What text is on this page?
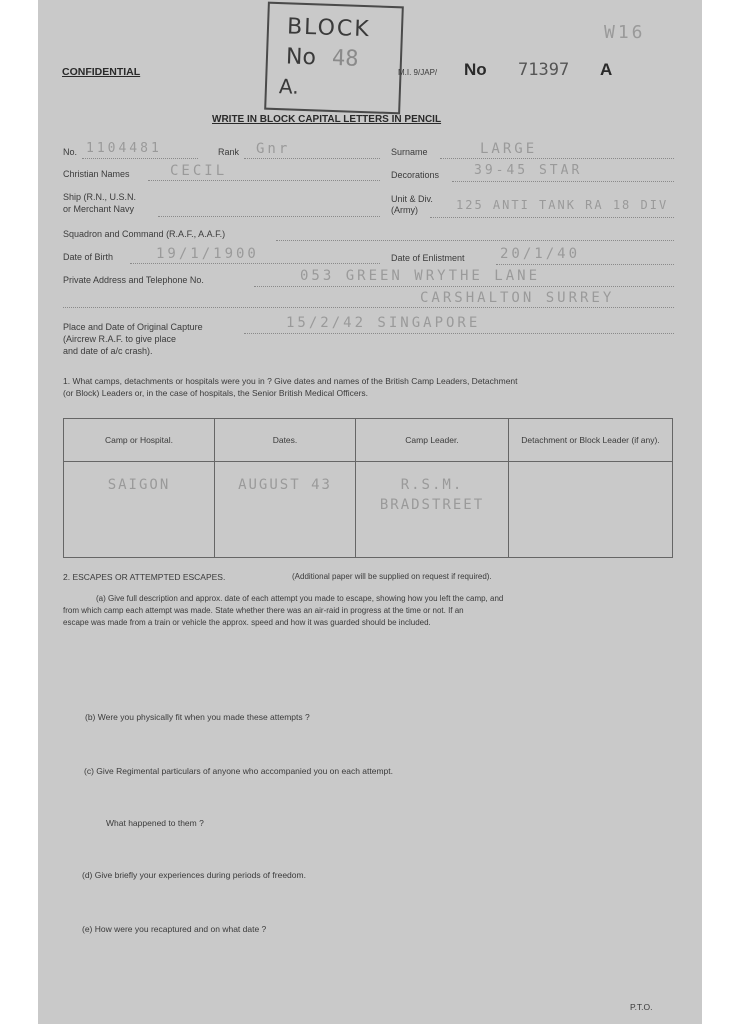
BLOCK
No 48
A.
W16
CONFIDENTIAL	M.I. 9/JAP/ No 71397 A
WRITE IN BLOCK CAPITAL LETTERS IN PENCIL
No. 1104481	Rank Gnr	Surname	LARGE
Christian Names	CECIL	Decorations	39-45 STAR
Ship (R.N., U.S.N.
or Merchant Navy
Unit & Div.
(Army)	125 ANTI TANK RA 18 DIV
Squadron and Command (R.A.F., A.A.F.)
Date of Birth	19/1/1900	Date of Enlistment	20/1/40
Private Address and Telephone No.	053 GREEN WRYTHE LANE
CARSHALTON SURREY
Place and Date of Original Capture
(Aircrew R.A.F. to give place
and date of a/c crash).
15/2/42 SINGAPORE
1. What camps, detachments or hospitals were you in ? Give dates and names of the British Camp Leaders, Detachment
(or Block) Leaders or, in the case of hospitals, the Senior British Medical Officers.
Camp or Hospital.	Dates.	Camp Leader.	Detachment or Block Leader (if any).

SAIGON	AUGUST 43	R.S.M. BRADSTREET	

2. ESCAPES OR ATTEMPTED ESCAPES.	(Additional paper will be supplied on request if required).
(a) Give full description and approx. date of each attempt you made to escape, showing how you left the camp, and
from which camp each attempt was made. State whether there was an air-raid in progress at the time or not. If an
escape was made from a train or vehicle the approx. speed and how it was guarded should be included.
(b) Were you physically fit when you made these attempts ?
(c) Give Regimental particulars of anyone who accompanied you on each attempt.
What happened to them ?
(d) Give briefly your experiences during periods of freedom.
(e) How were you recaptured and on what date ?
P.T.O.
